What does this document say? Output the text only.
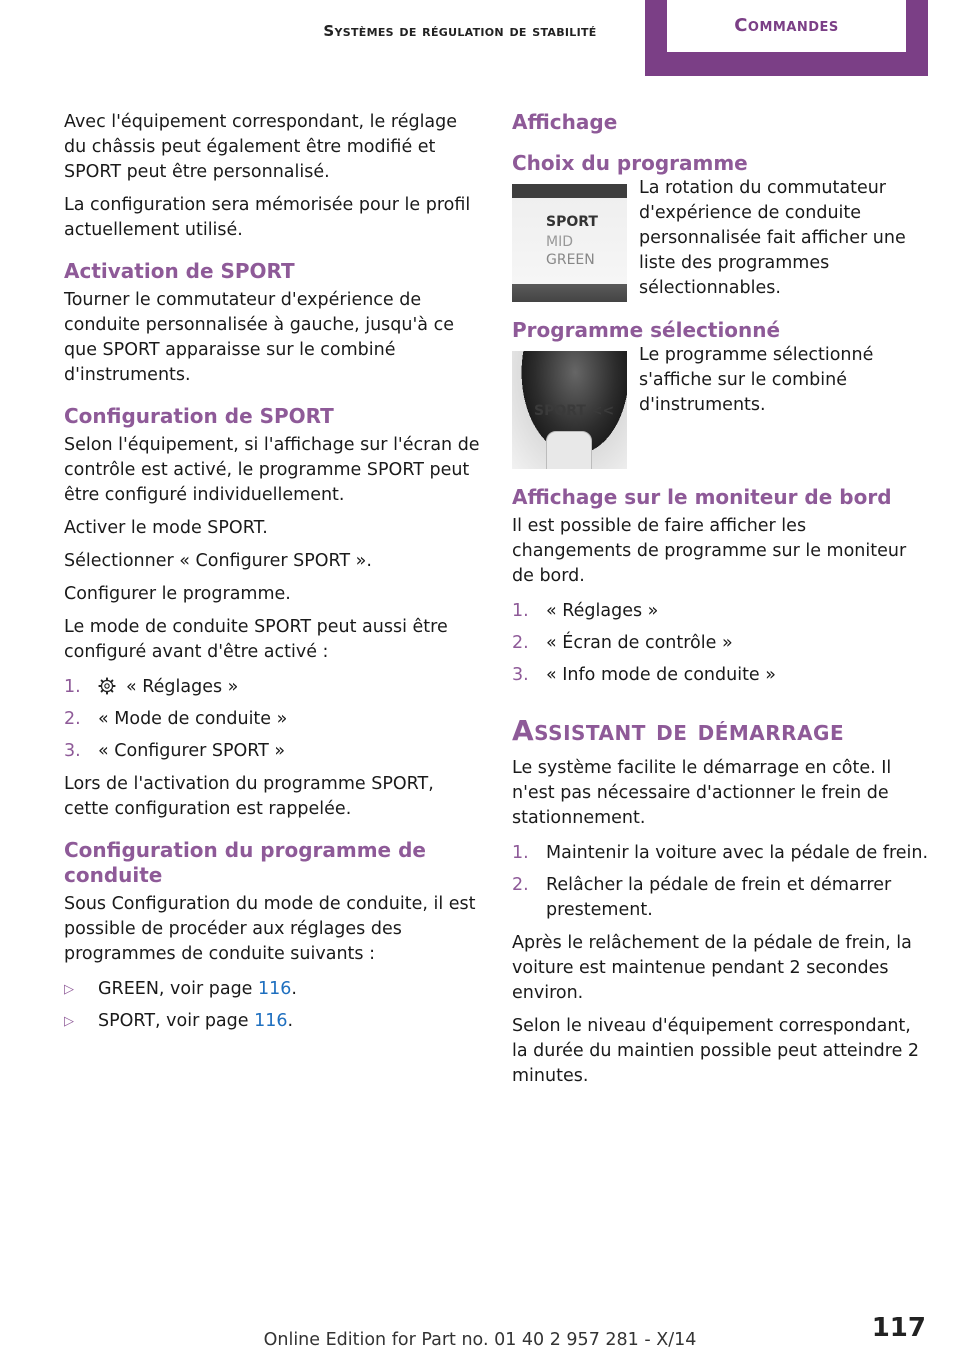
Systèmes de régulation de stabilité	Commandes

Avec l'équipement correspondant, le réglage du châssis peut également être modifié et SPORT peut être personnalisé.

La configuration sera mémorisée pour le profil actuellement utilisé.

Activation de SPORT

Tourner le commutateur d'expérience de conduite personnalisée à gauche, jusqu'à ce que SPORT apparaisse sur le combiné d'instruments.

Configuration de SPORT

Selon l'équipement, si l'affichage sur l'écran de contrôle est activé, le programme SPORT peut être configuré individuellement.

Activer le mode SPORT.

Sélectionner « Configurer SPORT ».

Configurer le programme.

Le mode de conduite SPORT peut aussi être configuré avant d'être activé :

1.	« Réglages »
2. « Mode de conduite »
3. « Configurer SPORT »

Lors de l'activation du programme SPORT, cette configuration est rappelée.

Configuration du programme de conduite

Sous Configuration du mode de conduite, il est possible de procéder aux réglages des programmes de conduite suivants :

▷ GREEN, voir page 116.
▷ SPORT, voir page 116.
Affichage
Choix du programme
SPORT
MID
GREEN
La rotation du commutateur d'expérience de conduite personnalisée fait afficher une liste des programmes sélectionnables.
Programme sélectionné
SPORT <<
Le programme sélectionné s'affiche sur le combiné d'instruments.
Affichage sur le moniteur de bord

Il est possible de faire afficher les changements de programme sur le moniteur de bord.

1. « Réglages »
2. « Écran de contrôle »
3. « Info mode de conduite »
Assistant de démarrage

Le système facilite le démarrage en côte. Il n'est pas nécessaire d'actionner le frein de stationnement.

1. Maintenir la voiture avec la pédale de frein.
2. Relâcher la pédale de frein et démarrer prestement.

Après le relâchement de la pédale de frein, la voiture est maintenue pendant 2 secondes environ.

Selon le niveau d'équipement correspondant, la durée du maintien possible peut atteindre 2 minutes.

117
Online Edition for Part no. 01 40 2 957 281 - X/14
